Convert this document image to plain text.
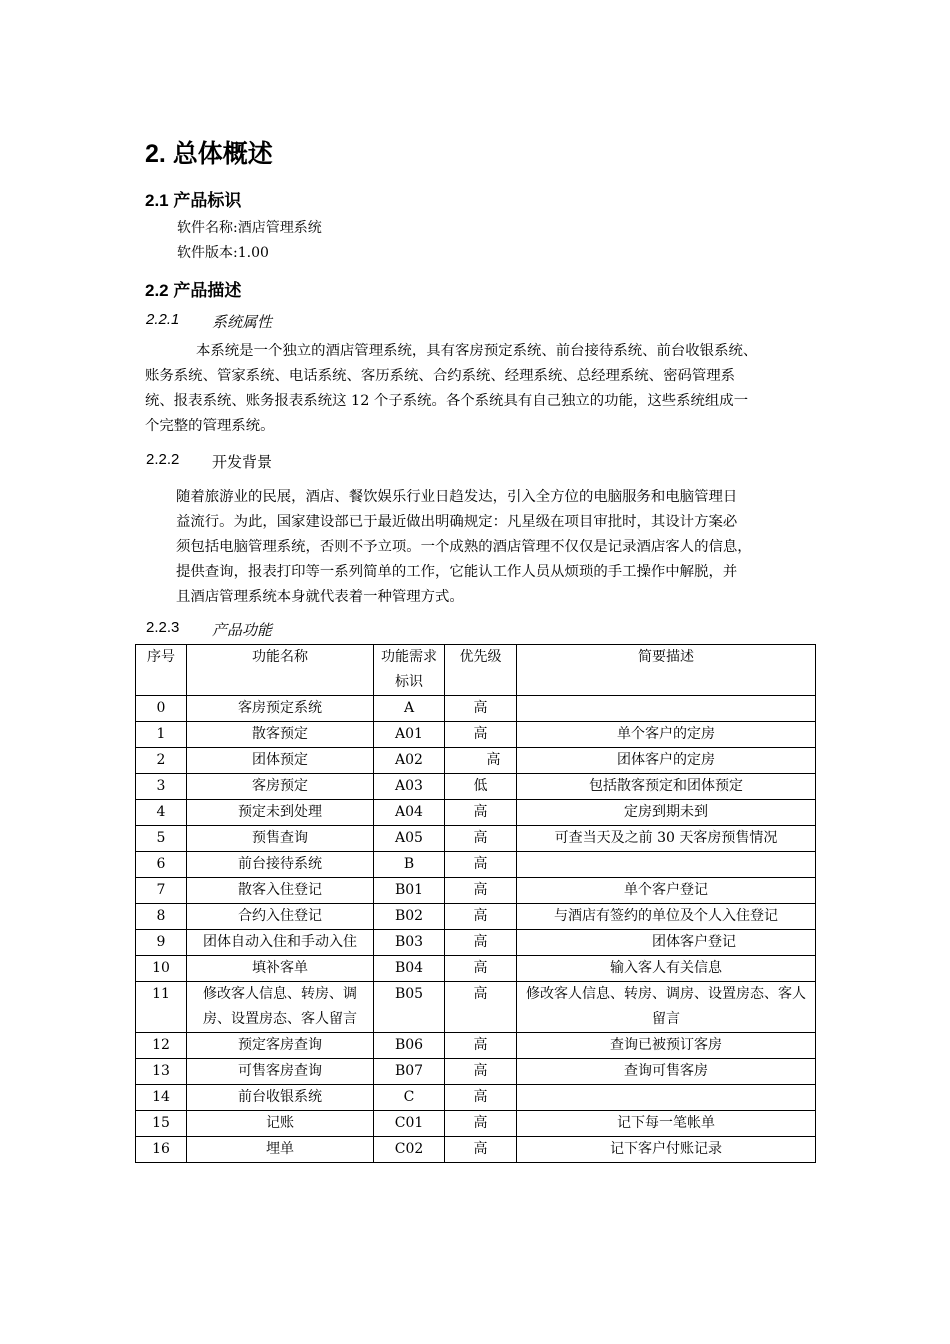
2. 总体概述
2.1 产品标识
软件名称:酒店管理系统
软件版本:1.00
2.2 产品描述
2.2.1 系统属性
本系统是一个独立的酒店管理系统，具有客房预定系统、前台接待系统、前台收银系统、
账务系统、管家系统、电话系统、客历系统、合约系统、经理系统、总经理系统、密码管理系
统、报表系统、账务报表系统这 12 个子系统。各个系统具有自己独立的功能，这些系统组成一
个完整的管理系统。
2.2.2 开发背景
随着旅游业的民展，酒店、餐饮娱乐行业日趋发达，引入全方位的电脑服务和电脑管理日
益流行。为此，国家建设部已于最近做出明确规定：凡星级在项目审批时，其设计方案必
须包括电脑管理系统，否则不予立项。一个成熟的酒店管理不仅仅是记录酒店客人的信息，
提供查询，报表打印等一系列简单的工作，它能认工作人员从烦琐的手工操作中解脱，并
且酒店管理系统本身就代表着一种管理方式。
2.2.3 产品功能
序号	功能名称	功能需求标识	优先级	简要描述
0	客房预定系统	A	高	
1	散客预定	A01	高	单个客户的定房
2	团体预定	A02	高	团体客户的定房
3	客房预定	A03	低	包括散客预定和团体预定
4	预定未到处理	A04	高	定房到期未到
5	预售查询	A05	高	可查当天及之前 30 天客房预售情况
6	前台接待系统	B	高	
7	散客入住登记	B01	高	单个客户登记
8	合约入住登记	B02	高	与酒店有签约的单位及个人入住登记
9	团体自动入住和手动入住	B03	高	团体客户登记
10	填补客单	B04	高	输入客人有关信息
11	修改客人信息、转房、调房、设置房态、客人留言	B05	高	修改客人信息、转房、调房、设置房态、客人留言
12	预定客房查询	B06	高	查询已被预订客房
13	可售客房查询	B07	高	查询可售客房
14	前台收银系统	C	高	
15	记账	C01	高	记下每一笔帐单
16	埋单	C02	高	记下客户付账记录
